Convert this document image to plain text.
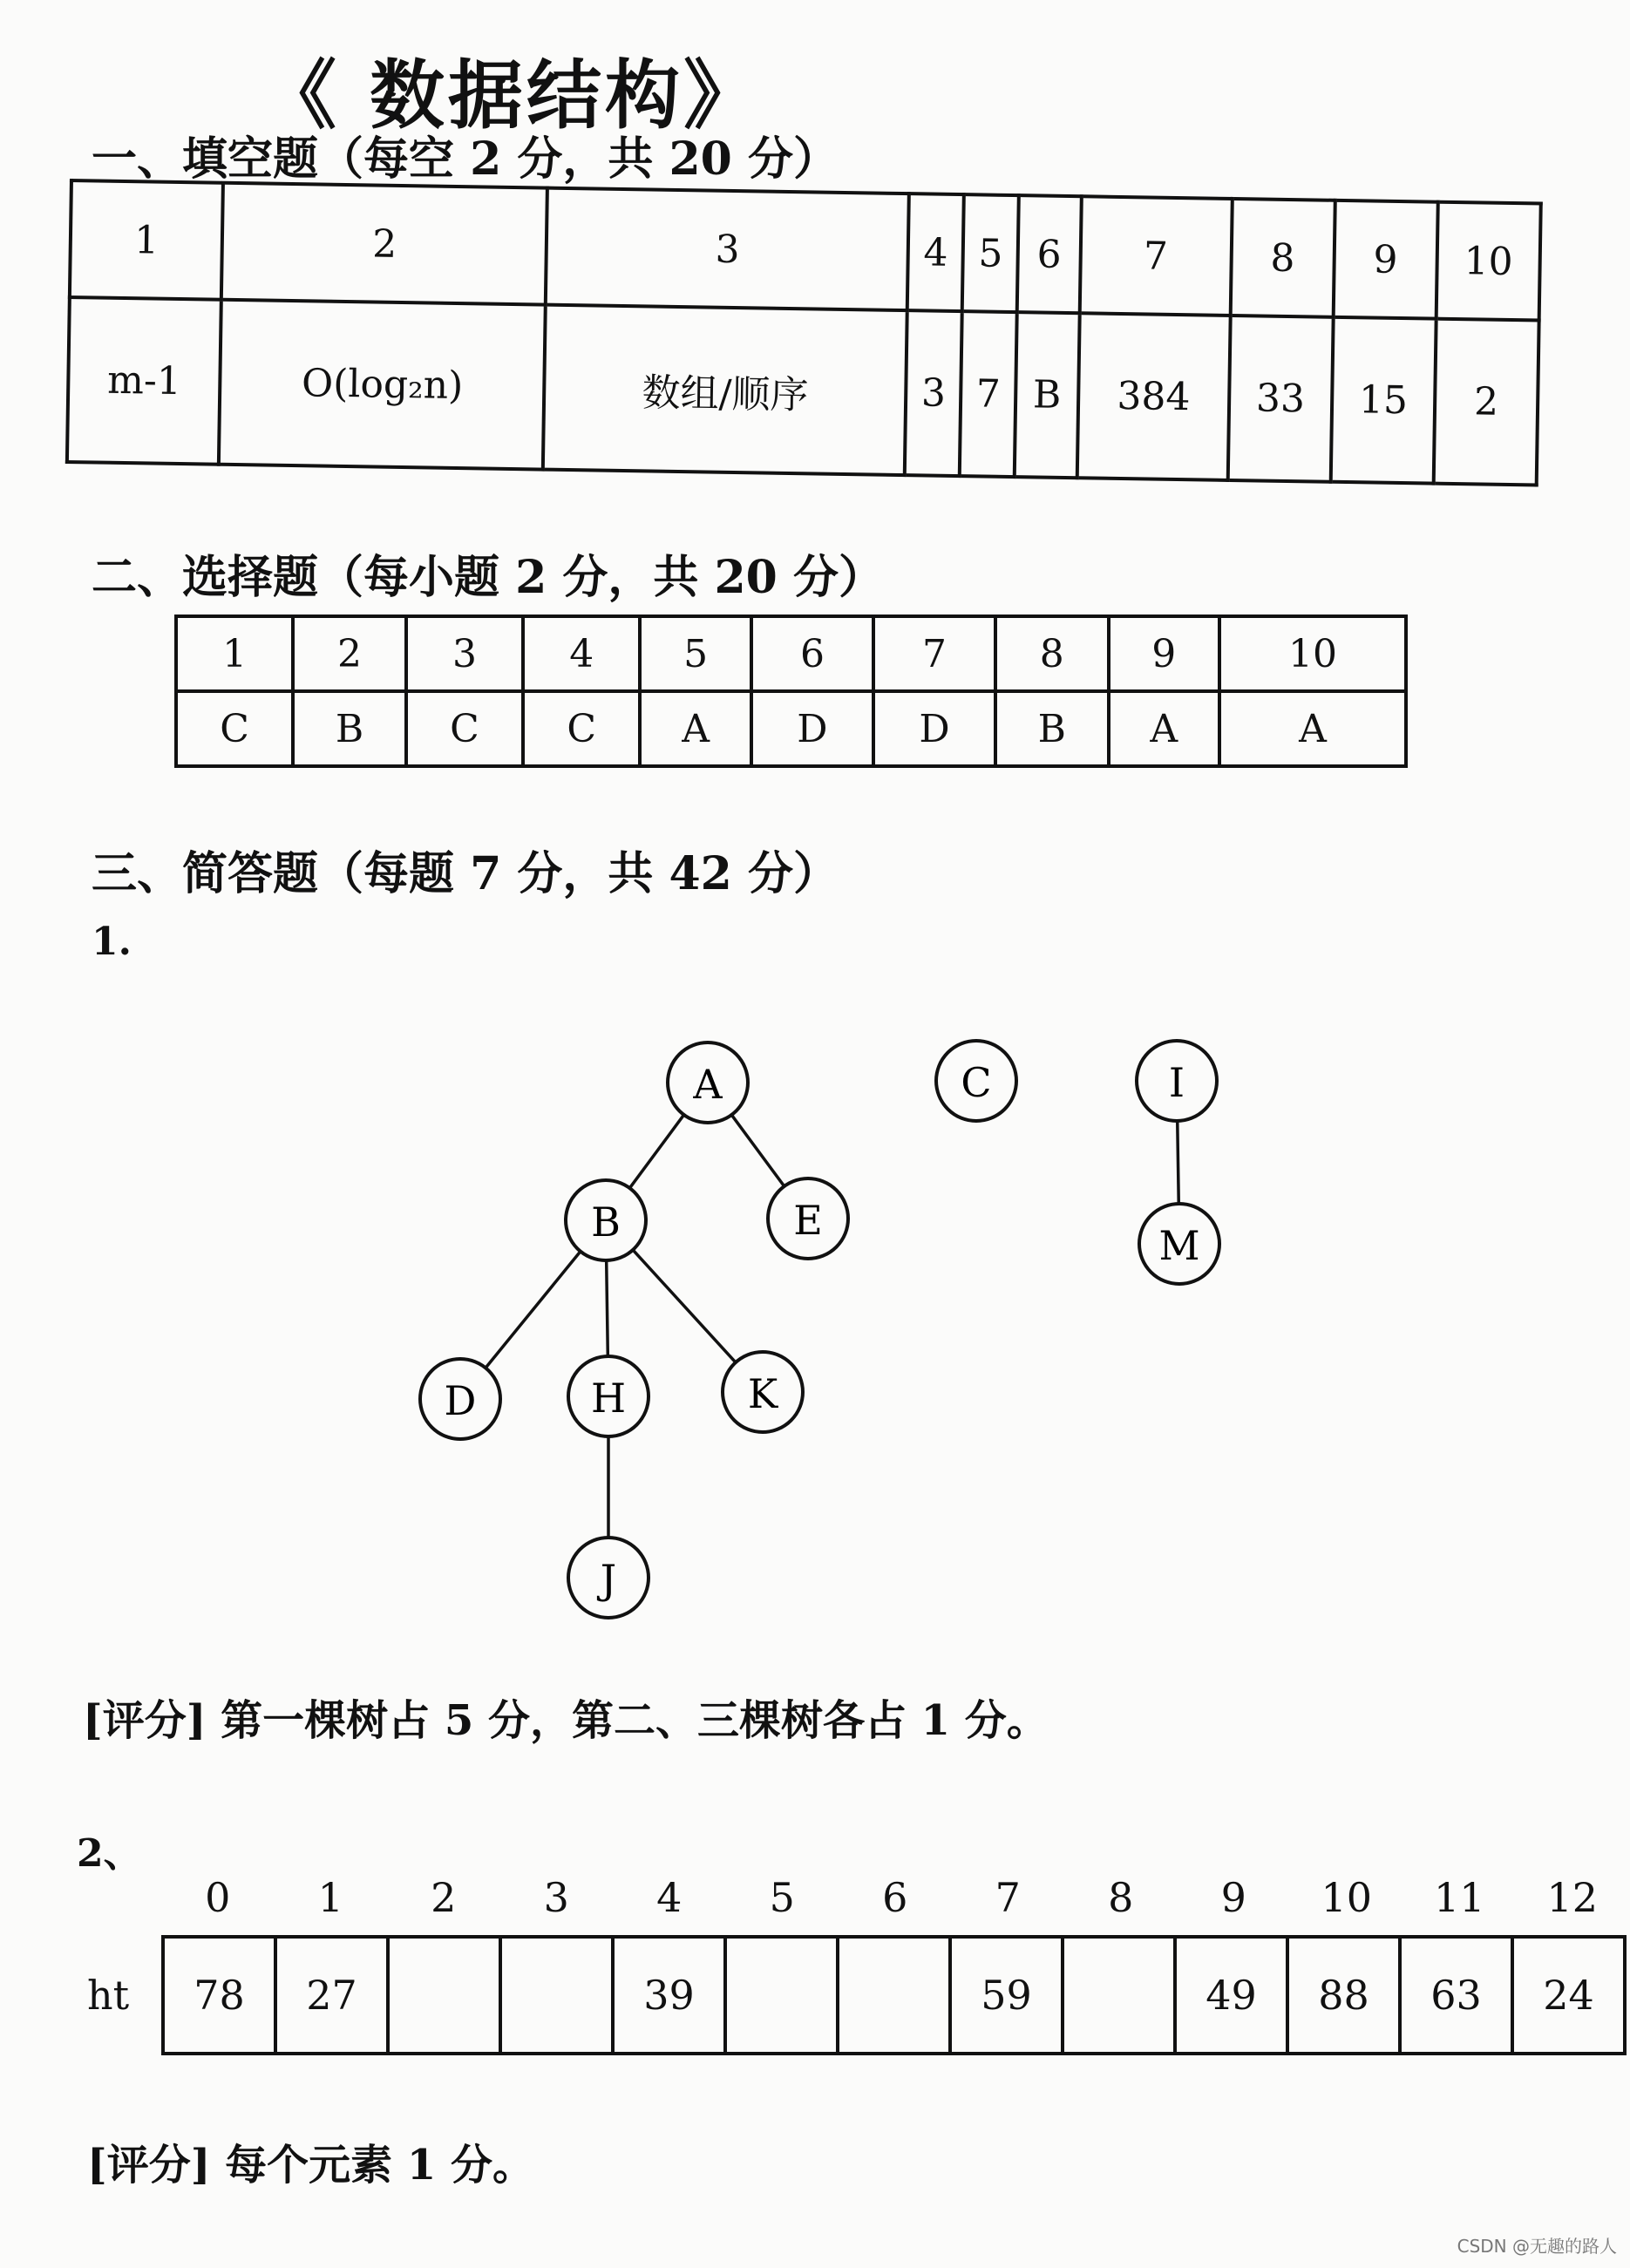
《 数据结构》
一、填空题（每空 2 分，共 20 分）
1	2	3	4	5	6	7	8	9	10
m-1	O(log₂n)	数组/顺序	3	7	B	384	33	15	2
二、选择题（每小题 2 分，共 20 分）
1	2	3	4	5	6	7	8	9	10
C	B	C	C	A	D	D	B	A	A
三、简答题（每题 7 分，共 42 分）
1.
A
B	E
D	H	K
J
C	I
M
[评分] 第一棵树占 5 分，第二、三棵树各占 1 分。
2、
0	1	2	3	4	5	6	7	8	9	10	11	12
ht 78	27			39			59		49	88	63	24
[评分] 每个元素 1 分。
CSDN @无趣的路人
